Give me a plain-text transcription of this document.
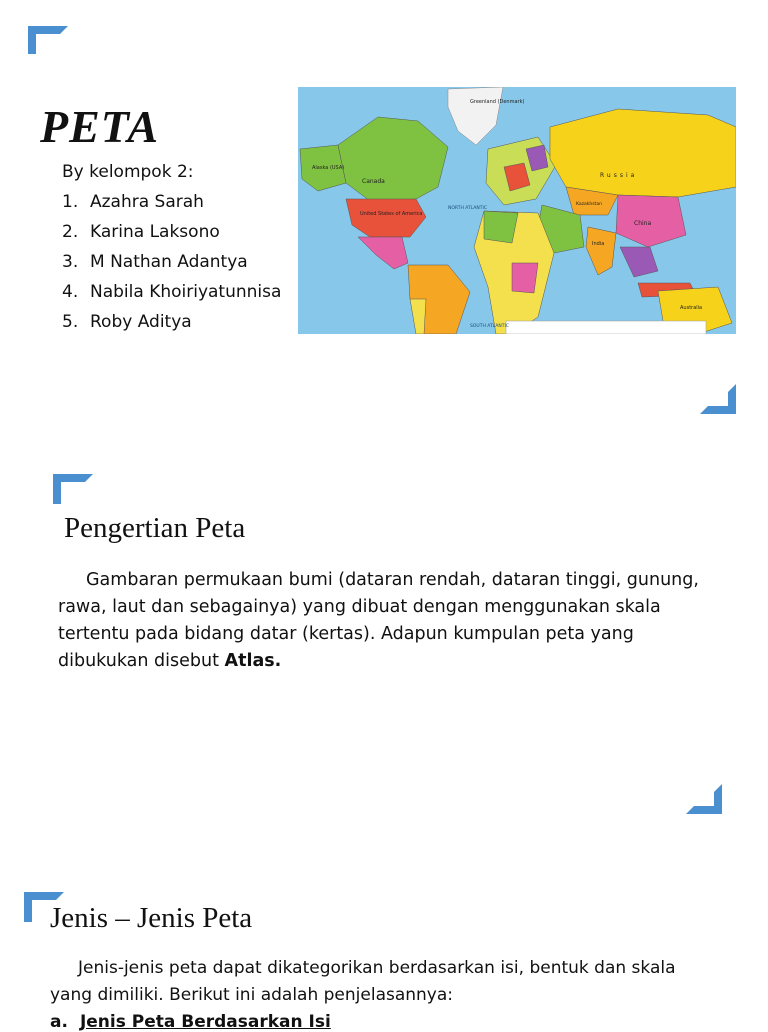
PETA
By kelompok 2:
1. Azahra Sarah
2. Karina Laksono
3. M Nathan Adantya
4. Nabila Khoiriyatunnisa
5. Roby Aditya
Greenland (Denmark)
Alaska (USA)
Canada
United States of America
Russia
Kazakhstan
China
India
Australia
NORTH ATLANTIC
SOUTH ATLANTIC
Pengertian Peta
Gambaran permukaan bumi (dataran rendah, dataran tinggi, gunung, rawa, laut dan sebagainya) yang dibuat dengan menggunakan skala tertentu pada bidang datar (kertas). Adapun kumpulan peta yang dibukukan disebut Atlas.
Jenis – Jenis Peta
Jenis-jenis peta dapat dikategorikan berdasarkan isi, bentuk dan skala yang dimiliki. Berikut ini adalah penjelasannya:
a. Jenis Peta Berdasarkan Isi
